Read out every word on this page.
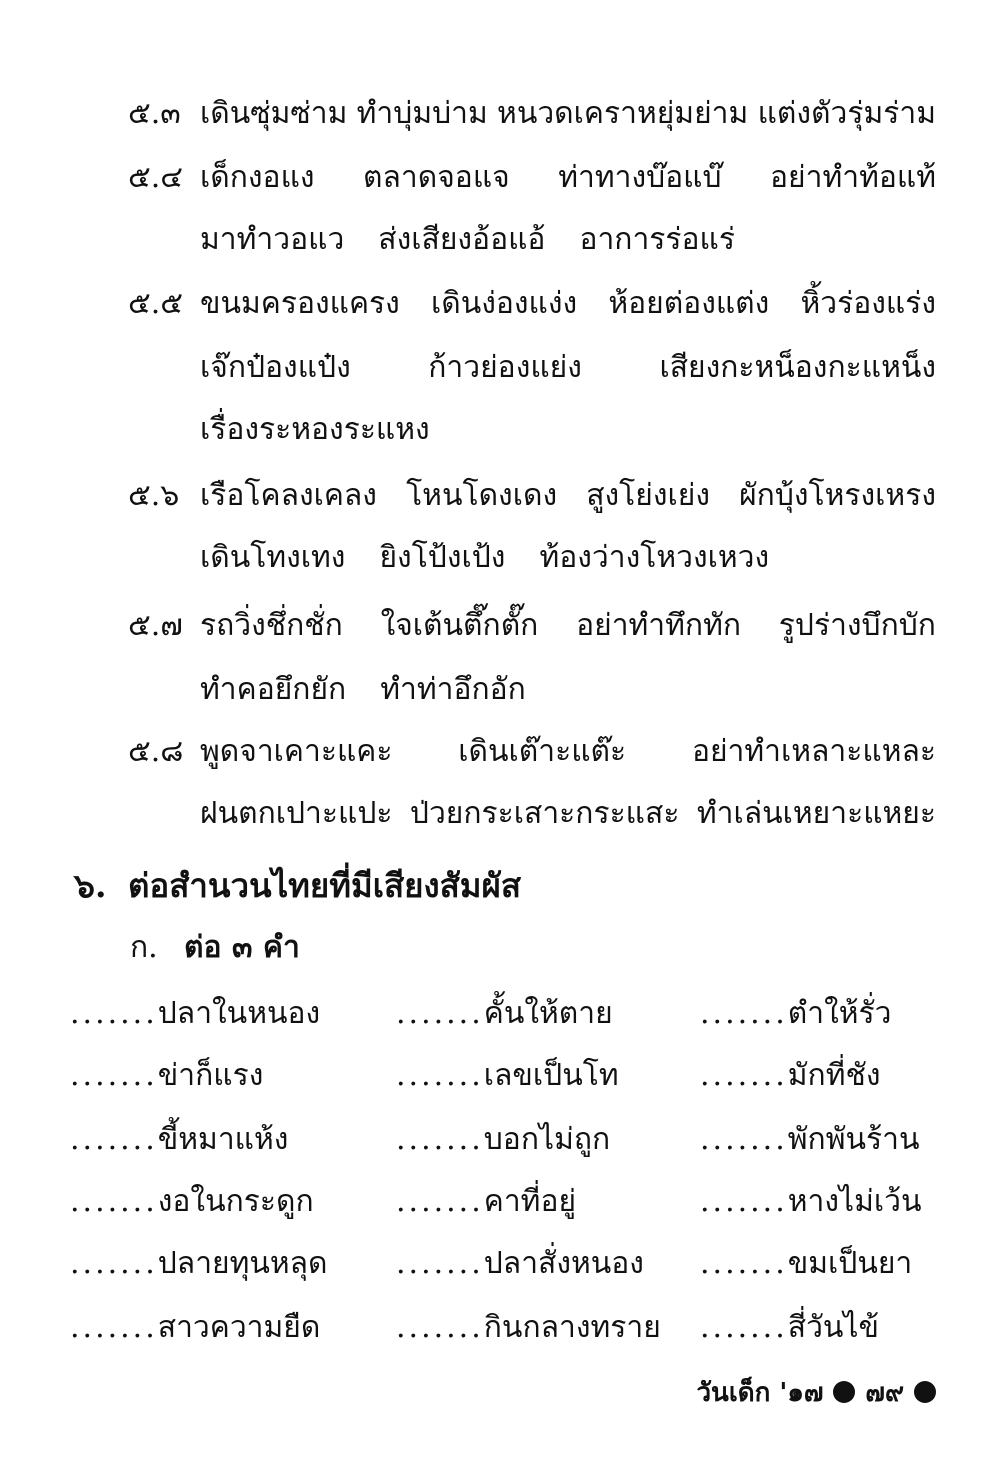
๕.๓ เดินซุ่มซ่าม ทำบุ่มบ่าม หนวดเคราหยุ่มย่าม แต่งตัวรุ่มร่าม
๕.๔ เด็กงอแง ตลาดจอแจ ท่าทางบ๊อแบ๊ อย่าทำท้อแท้
มาทำวอแว ส่งเสียงอ้อแอ้ อาการร่อแร่
๕.๕ ขนมครองแครง เดินง่องแง่ง ห้อยต่องแต่ง หิ้วร่องแร่ง
เจ๊กป๋องแป๋ง	ก้าวย่องแย่ง	เสียงกะหน็องกะแหน็ง
เรื่องระหองระแหง
๕.๖ เรือโคลงเคลง โหนโดงเดง สูงโย่งเย่ง ผักบุ้งโหรงเหรง
เดินโทงเทง ยิงโป้งเป้ง ท้องว่างโหวงเหวง
๕.๗ รถวิ่งชึ่กชั่ก ใจเต้นตึ๊กตั๊ก อย่าทำทึกทัก รูปร่างบึกบัก
ทำคอยึกยัก ทำท่าอึกอัก
๕.๘ พูดจาเคาะแคะ เดินเต๊าะแต๊ะ อย่าทำเหลาะแหละ
ฝนตกเปาะแปะ ป่วยกระเสาะกระแสะ ทำเล่นเหยาะแหยะ
๖. ต่อสำนวนไทยที่มีเสียงสัมผัส
ก. ต่อ ๓ คำ
.......ปลาในหนอง	.......คั้นให้ตาย	.......ตำให้รั่ว
.......ข่าก็แรง	.......เลขเป็นโท	.......มักที่ชัง
.......ขี้หมาแห้ง	.......บอกไม่ถูก	.......พักพันร้าน
.......งอในกระดูก	.......คาที่อยู่	.......หางไม่เว้น
.......ปลายทุนหลุด .......ปลาสั่งหนอง .......ขมเป็นยา
.......สาวความยืด	.......กินกลางทราย .......สี่วันไข้
วันเด็ก '๑๗ ๗๙
